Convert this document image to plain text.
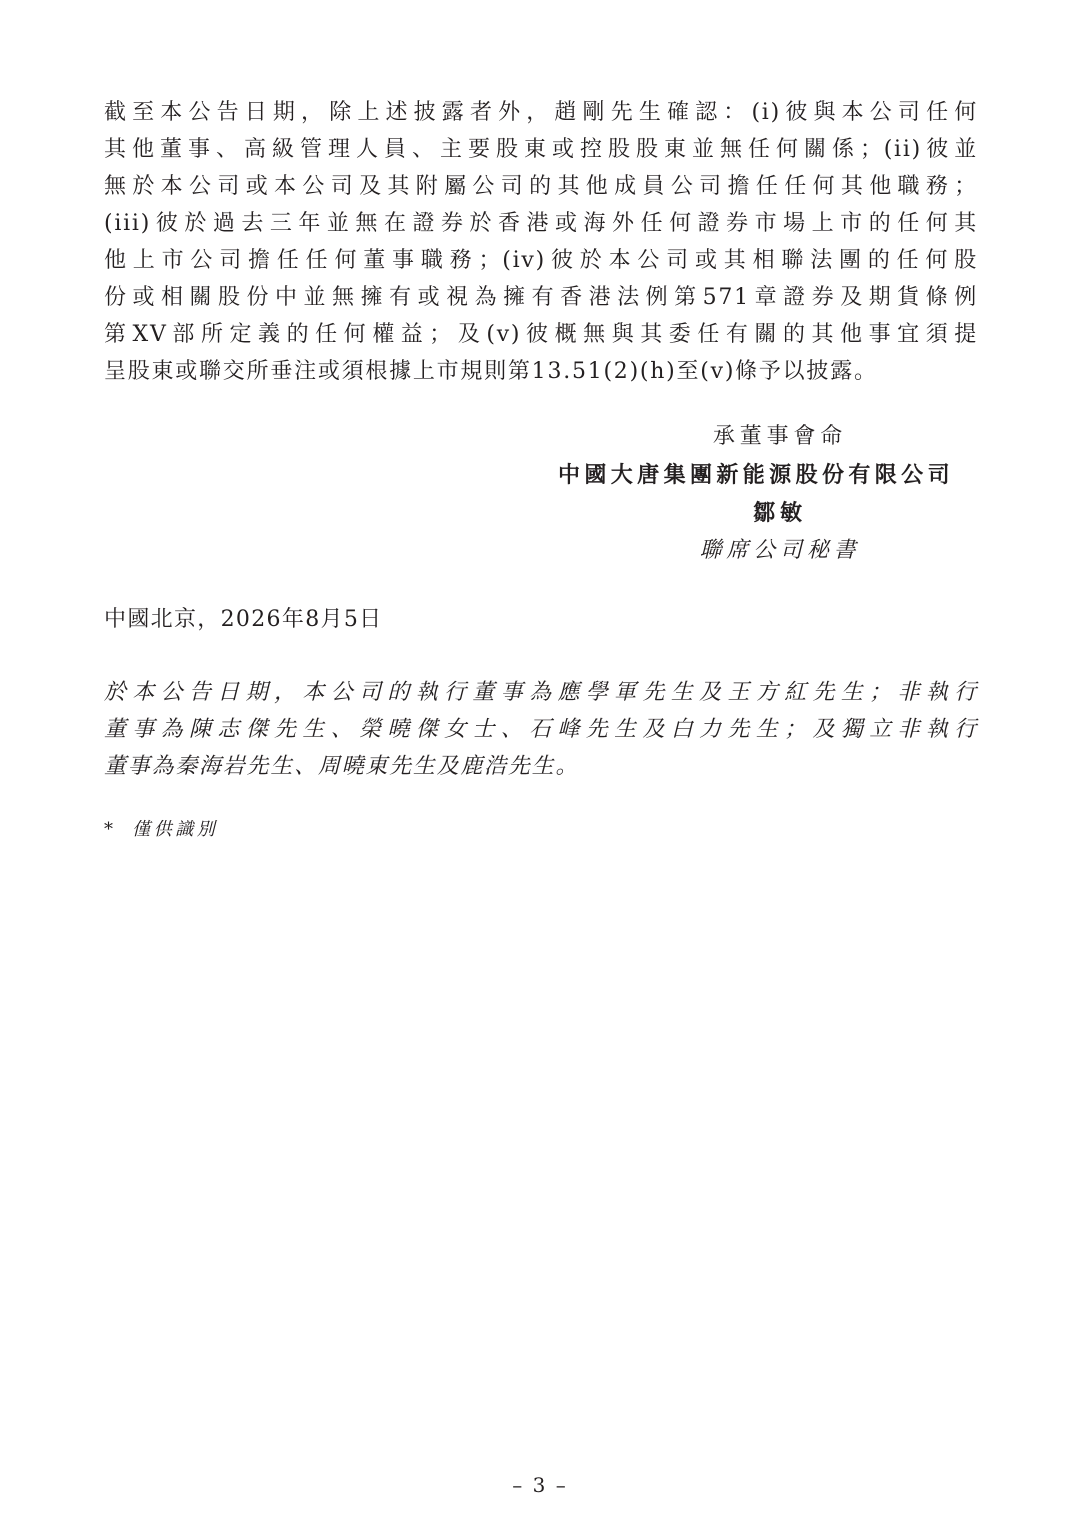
截至本公告日期，除上述披露者外，趙剛先生確認：(i)彼與本公司任何
其他董事、高級管理人員、主要股東或控股股東並無任何關係；(ii)彼並
無於本公司或本公司及其附屬公司的其他成員公司擔任任何其他職務；
(iii)彼於過去三年並無在證券於香港或海外任何證券市場上市的任何其
他上市公司擔任任何董事職務；(iv)彼於本公司或其相聯法團的任何股
份或相關股份中並無擁有或視為擁有香港法例第571章證券及期貨條例
第XV部所定義的任何權益；及(v)彼概無與其委任有關的其他事宜須提
呈股東或聯交所垂注或須根據上市規則第13.51(2)(h)至(v)條予以披露。
承董事會命
中國大唐集團新能源股份有限公司
鄒敏
聯席公司秘書
中國北京，2026年8月5日
於本公告日期，本公司的執行董事為應學軍先生及王方紅先生；非執行
董事為陳志傑先生、榮曉傑女士、石峰先生及白力先生；及獨立非執行
董事為秦海岩先生、周曉東先生及鹿浩先生。
* 僅供識別
– 3 –
